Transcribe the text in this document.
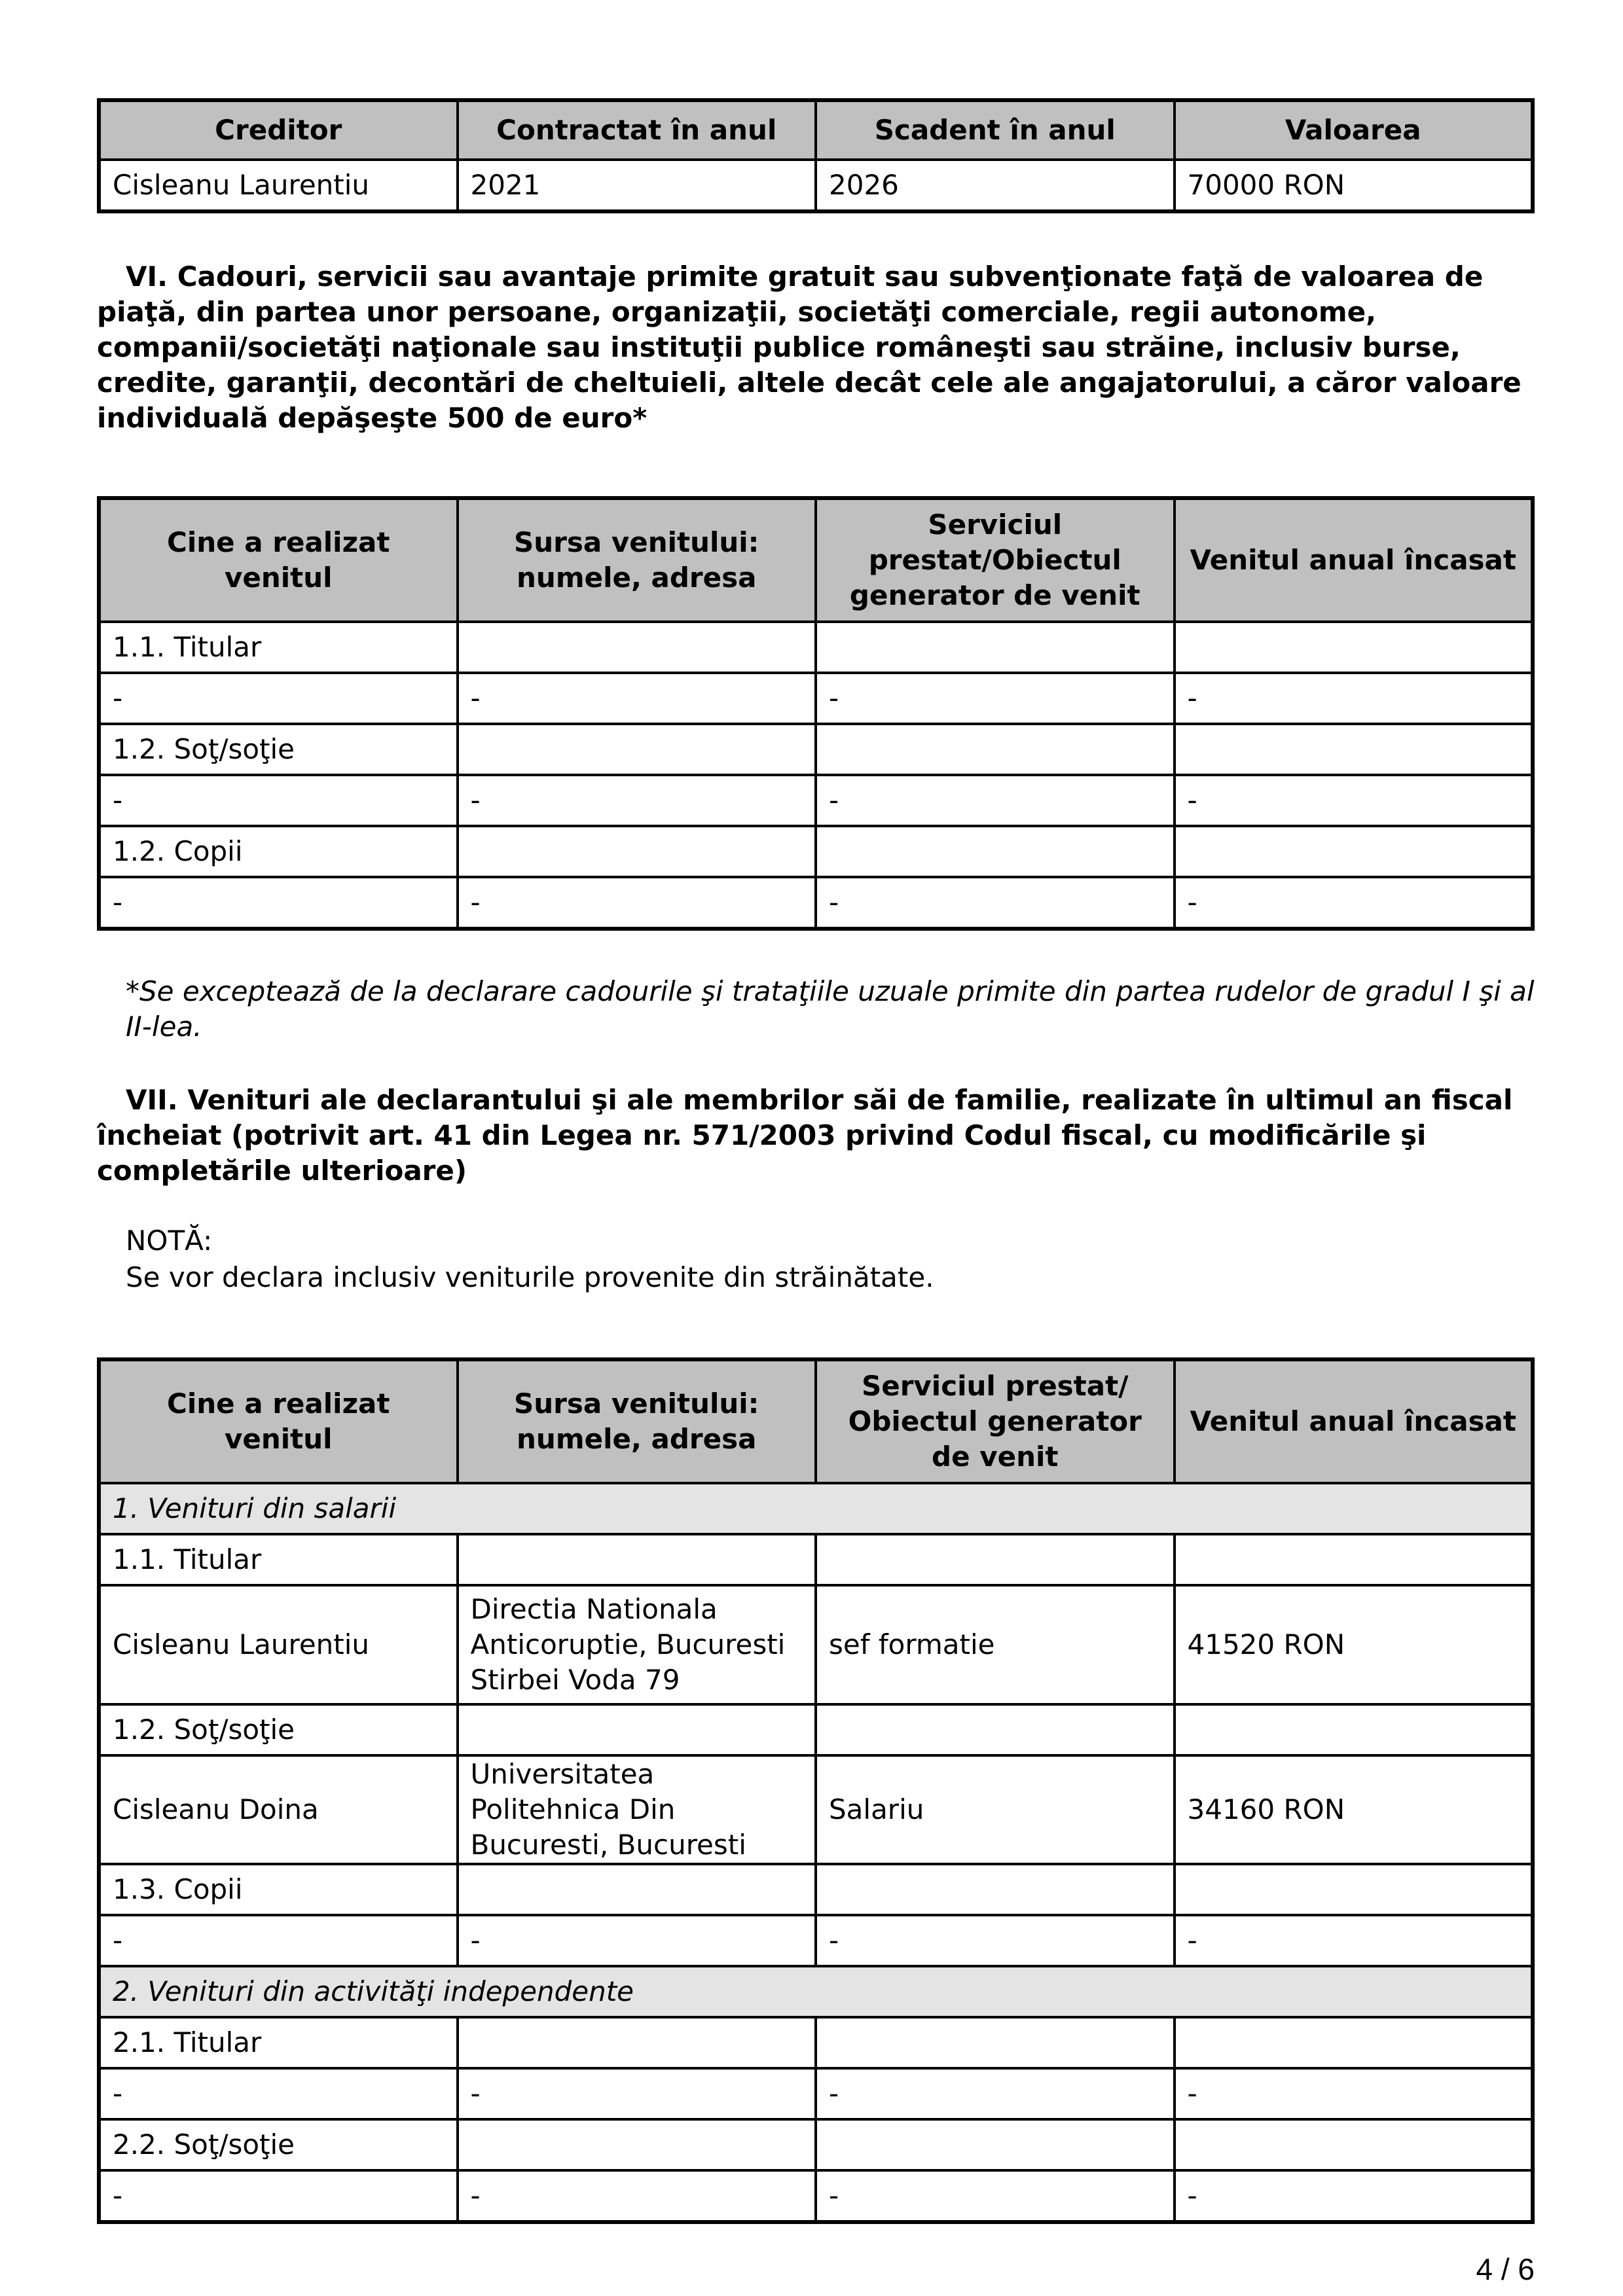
Creditor	Contractat în anul	Scadent în anul	Valoarea
Cisleanu Laurentiu	2021	2026	70000 RON

VI. Cadouri, servicii sau avantaje primite gratuit sau subvenţionate faţă de valoarea de piaţă, din partea unor persoane, organizaţii, societăţi comerciale, regii autonome, companii/societăţi naţionale sau instituţii publice româneşti sau străine, inclusiv burse, credite, garanţii, decontări de cheltuieli, altele decât cele ale angajatorului, a căror valoare individuală depăşeşte 500 de euro*

Cine a realizat venitul	Sursa venitului: numele, adresa	Serviciul prestat/Obiectul generator de venit	Venitul anual încasat
1.1. Titular			
-	-	-	-
1.2. Soţ/soţie			
-	-	-	-
1.2. Copii			
-	-	-	-

*Se exceptează de la declarare cadourile şi trataţiile uzuale primite din partea rudelor de gradul I şi al II-lea.

VII. Venituri ale declarantului şi ale membrilor săi de familie, realizate în ultimul an fiscal încheiat (potrivit art. 41 din Legea nr. 571/2003 privind Codul fiscal, cu modificările şi completările ulterioare)

NOTĂ:

Se vor declara inclusiv veniturile provenite din străinătate.

Cine a realizat venitul	Sursa venitului: numele, adresa	Serviciul prestat/ Obiectul generator de venit	Venitul anual încasat
1. Venituri din salarii			
1.1. Titular			
Cisleanu Laurentiu	Directia Nationala Anticoruptie, Bucuresti Stirbei Voda 79	sef formatie	41520 RON
1.2. Soţ/soţie			
Cisleanu Doina	Universitatea Politehnica Din Bucuresti, Bucuresti	Salariu	34160 RON
1.3. Copii			
-	-	-	-
2. Venituri din activităţi independente			
2.1. Titular			
-	-	-	-
2.2. Soţ/soţie			
-	-	-	-
4 / 6
